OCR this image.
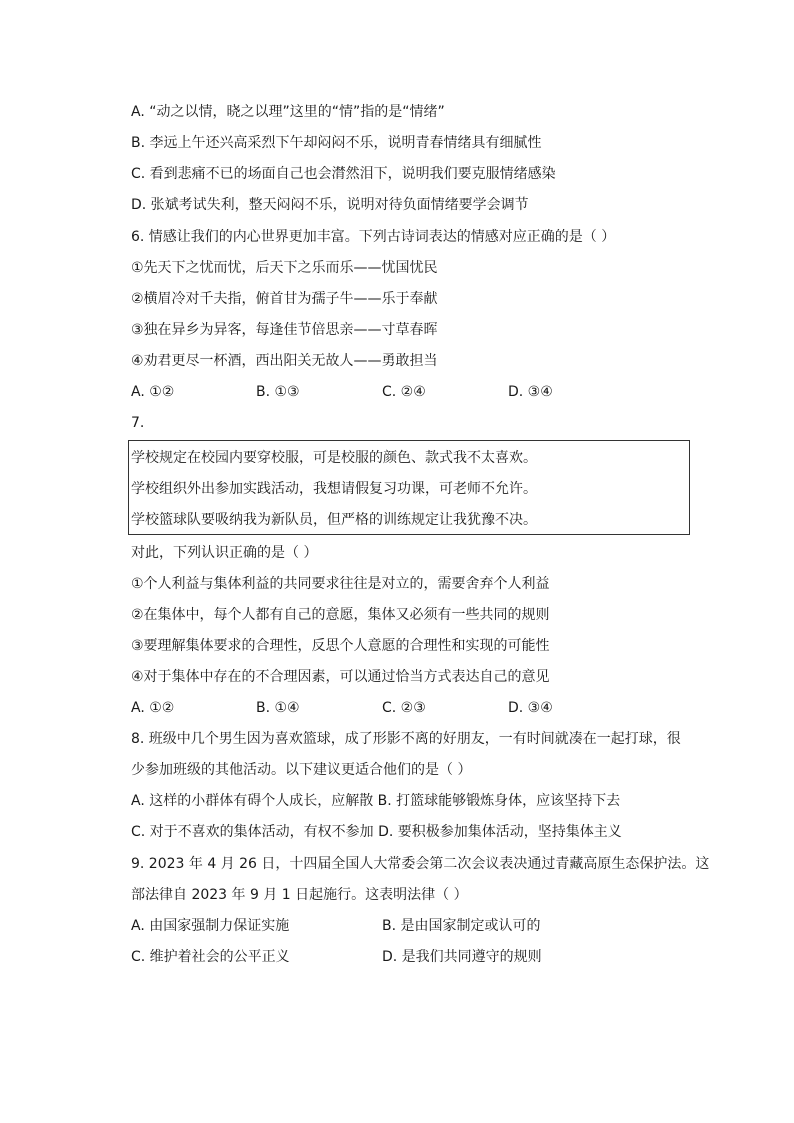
A. “动之以情，晓之以理”这里的“情”指的是“情绪”
B. 李远上午还兴高采烈下午却闷闷不乐，说明青春情绪具有细腻性
C. 看到悲痛不已的场面自己也会潸然泪下，说明我们要克服情绪感染
D. 张斌考试失利，整天闷闷不乐，说明对待负面情绪要学会调节
6. 情感让我们的内心世界更加丰富。下列古诗词表达的情感对应正确的是（ ）
①先天下之忧而忧，后天下之乐而乐——忧国忧民
②横眉冷对千夫指，俯首甘为孺子牛——乐于奉献
③独在异乡为异客，每逢佳节倍思亲——寸草春晖
④劝君更尽一杯酒，西出阳关无故人——勇敢担当
A. ①②	B. ①③	C. ②④	D. ③④
7.
学校规定在校园内要穿校服，可是校服的颜色、款式我不太喜欢。
学校组织外出参加实践活动，我想请假复习功课，可老师不允许。
学校篮球队要吸纳我为新队员，但严格的训练规定让我犹豫不决。
对此，下列认识正确的是（ ）
①个人利益与集体利益的共同要求往往是对立的，需要舍弃个人利益
②在集体中，每个人都有自己的意愿，集体又必须有一些共同的规则
③要理解集体要求的合理性，反思个人意愿的合理性和实现的可能性
④对于集体中存在的不合理因素，可以通过恰当方式表达自己的意见
A. ①②	B. ①④	C. ②③	D. ③④
8. 班级中几个男生因为喜欢篮球，成了形影不离的好朋友，一有时间就凑在一起打球，很
少参加班级的其他活动。以下建议更适合他们的是（ ）
A. 这样的小群体有碍个人成长，应解散 B. 打篮球能够锻炼身体，应该坚持下去
C. 对于不喜欢的集体活动，有权不参加 D. 要积极参加集体活动，坚持集体主义
9. 2023 年 4 月 26 日，十四届全国人大常委会第二次会议表决通过青藏高原生态保护法。这
部法律自 2023 年 9 月 1 日起施行。这表明法律（ ）
A. 由国家强制力保证实施	B. 是由国家制定或认可的
C. 维护着社会的公平正义	D. 是我们共同遵守的规则
